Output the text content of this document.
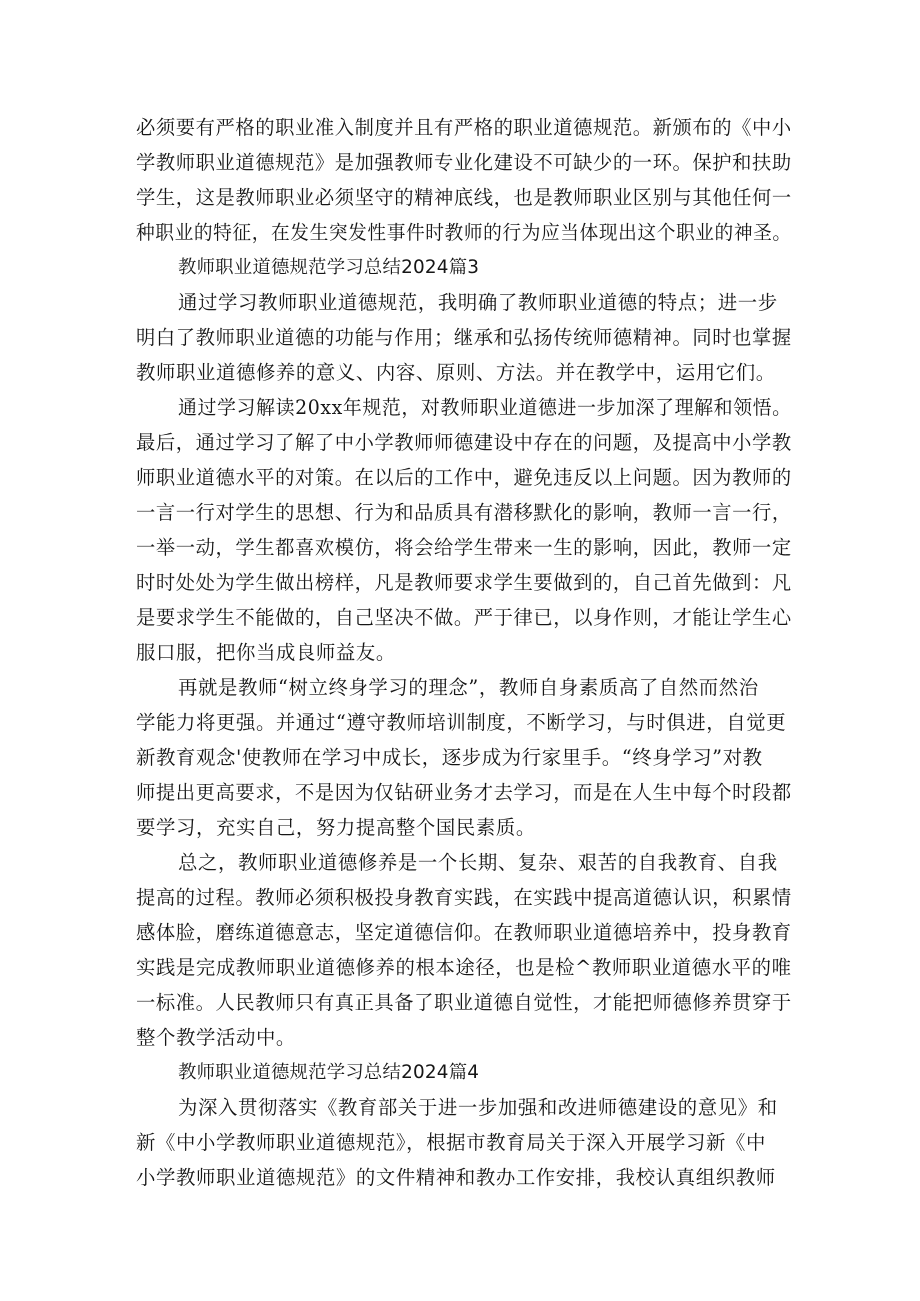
必须要有严格的职业准入制度并且有严格的职业道德规范。新颁布的《中小
学教师职业道德规范》是加强教师专业化建设不可缺少的一环。保护和扶助
学生，这是教师职业必须坚守的精神底线，也是教师职业区别与其他任何一
种职业的特征，在发生突发性事件时教师的行为应当体现出这个职业的神圣。
教师职业道德规范学习总结2024篇3
通过学习教师职业道德规范，我明确了教师职业道德的特点；进一步
明白了教师职业道德的功能与作用；继承和弘扬传统师德精神。同时也掌握
教师职业道德修养的意义、内容、原则、方法。并在教学中，运用它们。
通过学习解读20xx年规范，对教师职业道德进一步加深了理解和领悟。
最后，通过学习了解了中小学教师师德建设中存在的问题，及提高中小学教
师职业道德水平的对策。在以后的工作中，避免违反以上问题。因为教师的
一言一行对学生的思想、行为和品质具有潜移默化的影响，教师一言一行，
一举一动，学生都喜欢模仿，将会给学生带来一生的影响，因此，教师一定
时时处处为学生做出榜样，凡是教师要求学生要做到的，自己首先做到：凡
是要求学生不能做的，自己坚决不做。严于律已，以身作则，才能让学生心
服口服，把你当成良师益友。
再就是教师“树立终身学习的理念”，教师自身素质高了自然而然治
学能力将更强。并通过“遵守教师培训制度，不断学习，与时俱进，自觉更
新教育观念'使教师在学习中成长，逐步成为行家里手。“终身学习”对教
师提出更高要求，不是因为仅钻研业务才去学习，而是在人生中每个时段都
要学习，充实自己，努力提高整个国民素质。
总之，教师职业道德修养是一个长期、复杂、艰苦的自我教育、自我
提高的过程。教师必须积极投身教育实践，在实践中提高道德认识，积累情
感体脸，磨练道德意志，坚定道德信仰。在教师职业道德培养中，投身教育
实践是完成教师职业道德修养的根本途径，也是检^教师职业道德水平的唯
一标准。人民教师只有真正具备了职业道德自觉性，才能把师德修养贯穿于
整个教学活动中。
教师职业道德规范学习总结2024篇4
为深入贯彻落实《教育部关于进一步加强和改进师德建设的意见》和
新《中小学教师职业道德规范》，根据市教育局关于深入开展学习新《中
小学教师职业道德规范》的文件精神和教办工作安排，我校认真组织教师
